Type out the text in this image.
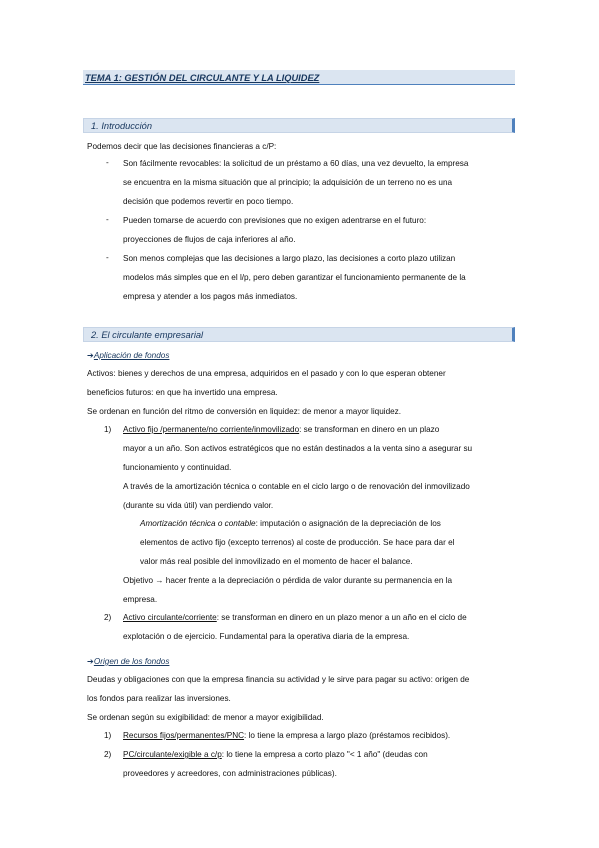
TEMA 1: GESTIÓN DEL CIRCULANTE Y LA LIQUIDEZ
1. Introducción
Podemos decir que las decisiones financieras a c/P:
- Son fácilmente revocables: la solicitud de un préstamo a 60 días, una vez devuelto, la empresa
se encuentra en la misma situación que al principio; la adquisición de un terreno no es una
decisión que podemos revertir en poco tiempo.
- Pueden tomarse de acuerdo con previsiones que no exigen adentrarse en el futuro:
proyecciones de flujos de caja inferiores al año.
- Son menos complejas que las decisiones a largo plazo, las decisiones a corto plazo utilizan
modelos más simples que en el l/p, pero deben garantizar el funcionamiento permanente de la
empresa y atender a los pagos más inmediatos.
2. El circulante empresarial
➔Aplicación de fondos
Activos: bienes y derechos de una empresa, adquiridos en el pasado y con lo que esperan obtener
beneficios futuros: en que ha invertido una empresa.
Se ordenan en función del ritmo de conversión en liquidez: de menor a mayor liquidez.
1) Activo fijo /permanente/no corriente/inmovilizado: se transforman en dinero en un plazo
mayor a un año. Son activos estratégicos que no están destinados a la venta sino a asegurar su
funcionamiento y continuidad.
A través de la amortización técnica o contable en el ciclo largo o de renovación del inmovilizado
(durante su vida útil) van perdiendo valor.
Amortización técnica o contable: imputación o asignación de la depreciación de los
elementos de activo fijo (excepto terrenos) al coste de producción. Se hace para dar el
valor más real posible del inmovilizado en el momento de hacer el balance.
Objetivo → hacer frente a la depreciación o pérdida de valor durante su permanencia en la
empresa.
2) Activo circulante/corriente: se transforman en dinero en un plazo menor a un año en el ciclo de
explotación o de ejercicio. Fundamental para la operativa diaria de la empresa.
➔Origen de los fondos
Deudas y obligaciones con que la empresa financia su actividad y le sirve para pagar su activo: origen de
los fondos para realizar las inversiones.
Se ordenan según su exigibilidad: de menor a mayor exigibilidad.
1) Recursos fijos/permanentes/PNC: lo tiene la empresa a largo plazo (préstamos recibidos).
2) PC/circulante/exigible a c/p: lo tiene la empresa a corto plazo "< 1 año" (deudas con
proveedores y acreedores, con administraciones públicas).
